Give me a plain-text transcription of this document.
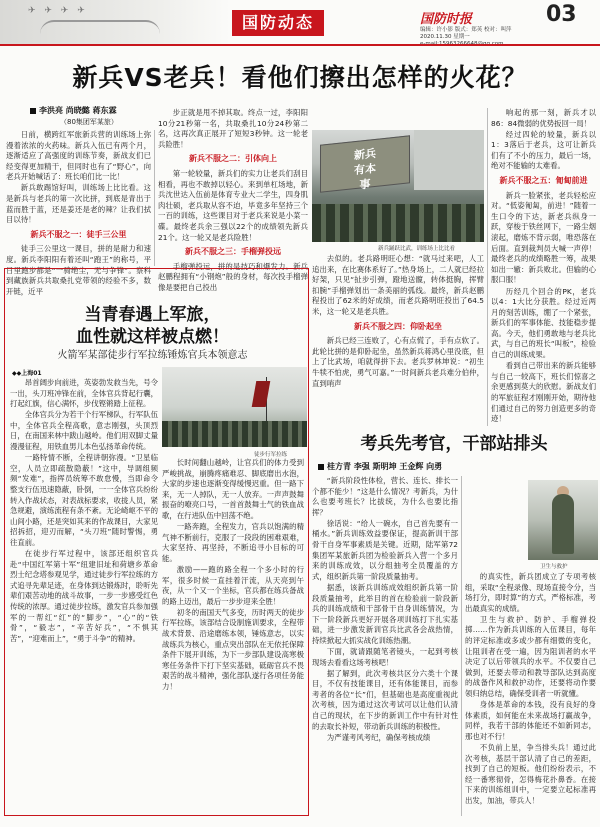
✈ ✈ ✈ ✈
国防动态	国防时报	03
编辑：许小影 版式：郑英 校对：叫萍
2020.11.30 星期一
新兵VS老兵！看他们擦出怎样的火花？
李洪亮 尚晓懿 蒋东霖
（80集团军某旅）

日前，横跨红军旅新兵营的训练场上弥漫着浓浓的火药味。新兵入伍已有两个月，逐渐适应了高强度的训练节奏，新战友们已经变得更加精干，但同时也有了“野心”，向老兵开始喊话了：班长咱们比一比！

新兵敢踢馆好叫，训练场上比比看。这是新兵与老兵的第一次比拼，到底是青出于蓝而胜于蓝，还是姜还是老的辣？让我们拭目以待！

新兵不服之一：徒手三公里

徒手三公里这一课目，拼的是耐力和速度。新兵李阳阳有着还叫“跑王”的称号，平日里跑步都是“一骑绝尘，无与争锋”。察科到藏族新兵共取桑扎党带领的经验不多，数开链，近平

步正就是甩不掉其取。终点一过，李阳阳10分21秒第一名，共取桑扎10分24秒第二名，这再次真正展开了短短3秒钟。这一轮老兵险胜！

新兵不服之二：引体向上

第一轮较量，新兵们的实力让老兵们刮目相看，再也不敢掉以轻心。来到单杠场地，新兵沈世达入伍前是体育专业大二学生，四身肌肉壮硕，老兵取从容不迫，毕竟多年坚持三个一百的训练，这些课目对于老兵来说是小菜一碟。最终老兵余三强以22个的成绩领先新兵21个。这一轮又是老兵险胜！

新兵不服之三：手榴弹投远

手榴弹投远，拼的是技巧和爆发力。新兵赵鹏程拥有“小钢炮”般的身材，每次投手榴弹像是要把自己投出

新兵
有本
事
新兵踊跃比武，训练场上比比看

去似的。老兵路明旺心想：“就马过来吧，人工追出来，在比赛体系好了。”热身场上，二人就已经拉好架，只见“扯步引弹，蹬地送髋，转体挺胸，挥臂扣腕”手榴弹划出一条美丽的弧线。最终，新兵赵鹏程投出了62米的好成绩，而老兵路明旺投出了64.5米，这一轮又是老兵胜。

新兵不服之四：仰卧起坐

新兵已经三连败了，心有点慌了，手有点软了。此轮比拼的是仰卧起坐，虽然新兵蒋鸿心里没底，但上了比武场，咱就得拼下去。老兵罗林坤说：“初生牛犊不怕虎，勇气可嘉。”一时间新兵老兵难分伯仲，直到哨声

响起的那一刻，新兵才以86：84微弱的优势扳回一局！

经过四轮的较量，新兵以1：3落后于老兵，这可让新兵们有了不小的压力，最后一场，绝对不能输的太难看。

新兵不服之五：匍匐前进

新兵一脸紧张，老兵轻松应对。“低姿匍匐，前进！”随着一生口令的下达，新老兵纵身一跃，穿梭于铁丝网下，一路尘烟滚起，磨炼不背示弱，唯恐落在后面。直到裁判员大喊一声停！最终老兵的成绩略胜一筹，战果如出一辙：新兵败北。但输的心服口服！

历经几个回合的PK，老兵以4：1大比分获胜。经过近两月的刻苦训练，绷了一个紧张，新兵们的军事体能、技能稳步提高。今天，他们勇敢地与老兵比武，与自己的班长“叫板”，检验自己的训练成果。

看到自己带出来的新兵能够与自己一较高下，班长们惊喜之余更感到莫大的欣慰。新战友们的军旅征程才刚刚开始，期待他们通过自己的努力创造更多的奇迹！

当青春遇上军旅，
血性就这样被点燃！
火箭军某部徒步行军拉练锤炼官兵本领意志
◆◆上海01

昂首阔步向前进，英姿勃发救当先，号令一出，头刀班冲锋在前，全体官兵背起行囊，打起红旗，信心满怀，步伐铿锵踏上征程。

全体官兵分为若干个行军梯队，行军队伍中，全体官兵全程高歌，意志刚强，头顶烈日，在南国来林中跋山越岭。他们用双脚丈量漫漫征程，用铁血男儿本色弘扬革命传统。

一路特情不断，全程讲朝弥漫。“卫星临空，人员立即疏散隐蔽！”这中，导调组频频“发难”，指挥员统筹不敢怠慢，当即命令整支行伍迅速隐蔽，卧倒，一一全体官兵纷纷转入作战状态，对表战标要求，收拢人员，紧急规避，演练流程有条不紊。无论崎岖不平的山间小路，还是突如其来的作战课目，大家见招拆招，迎刃而解，“头刀班”随时警惕，勇往直前。

在徒步行军过程中，该部还组织官兵赴“中国红军第十军”纽建旧址和荷塘乡革命烈士纪念塔参观见学，通过徒步行军拉练的方式追寻先辈足迹，在身体到达锻炼时，聆听先辈们艰苦动地的战斗故事，一步一步感受红色传统的浓厚。通过徒步拉练，激发官兵参加强军的一帮红“红”的“脚步”，“心”的“铁骨”，“毅志”，“辛苦好兵”，“不惧其苦”，“迎难而上”，“勇于斗争”的精神。

徒步行军拉练

长时间翻山越岭，让官兵们的体力受到严峻挑战，崩腾疼痛难忍、脚底磨出水泡，大家的步速也逐渐变得缓慢迟重。但一路下来，无一人掉队，无一人放弃。一声声鼓舞振奋的嘹亮口号，一首首鼓舞士气的铁血战歌，在行进队伍中回荡不绝。

一路奔跑，全程发力，官兵以饱满的精气神不断前行，克服了一段段的困难艰难，大家坚持、再坚持，不断追寻小目标的可能。

激励——跑的路全程一个多小时的行军，很多时候一直挂着汗流，从天亮到午夜，从一个又一个坐标，官兵都在练兵备战的路上迈出，最后一步步迎来全胜！

初冬的南国天气多变，历时两天的徒步行军拉练，该部结合设制施训要求，全程带战术背景、沿途磨练本领，锤炼意志，以实战练兵为核心，重点突出部队在无依托保障条件下展开训练，为下一步部队建设高寒极寒任务条件下打下坚实基础，砥砺官兵不畏艰苦的战斗精神，强化部队遂行各项任务能力！

考兵先考官，干部站排头
桂方青 李强 斯明坤 王金辉 向勇

“新兵阶段性体检，营长、连长、排长一个都不能少！”这是什么情况？考新兵，为什么也要考班长？比拔统，为什么也要比指挥？

徐话说：“给人一碗水，自己首先要有一桶水。”新兵训练效益要保证，提高新训干部骨干自身军事素质是关键。近期，陆军第72集团军某旅新兵团为检验新兵入营一个多月来的训练成效，以分组抽考全员覆盖的方式，组织新兵第一阶段质量抽考。

据悉，该新兵训练成效组织新兵第一阶段质量抽考，此举目的首在检验前一阶段新兵的训练成绩和干部骨干自身训练情况，为下一阶段新兵更好开展各项训练打下扎实基础，进一步激发新训官兵比武各会战热情，持续掀起大抓实战化训练热潮。

下面，就请跟随笔者镜头，一起到考核现场去看看这场考核吧！

据了解到，此次考核共区分六类十个课目，不仅有技能课目，还有体能课目，而参考者的各位“长”们，但基础也是高度重视此次考核，因为通过这次考试可以让他们认清自己的现状，在下步的新训工作中有针对性的去取长补短，带动新兵训练的积极性。

为严谨考风考纪，确保考核成绩

卫生与救护

的真实性，新兵团成立了专项考核组，采取“全程录像、现场直接令分，当场打分，即时算”的方式，严格标准，考出最真实的成绩。

卫生与救护、防护、手榴弹投掷……作为新兵训练的入伍课目，每年的评定标准或多或少都有细微的变化，让阻训者在受一遍，因为阻训者的水平决定了以后带领兵的水平。不仅要自己做到，还要去带动和教导部队达到高度的战备作风和救护动作，还要将动作要领归纳总结，确保受训者一听就懂。

身体是革命的本钱，没有良好的身体素质，如何能在未来战场打赢战争，同样，我若干部的体能还不如新同志，那也对不行！

不负前上星，争当排头兵！通过此次考核，基层干部认清了自己的差距，找到了自己的短板。他们纷纷表示，不经一番寒彻骨，怎得梅花扑鼻香。在接下来的训练组训中，一定要立起标准再出发，加油，带兵人！
